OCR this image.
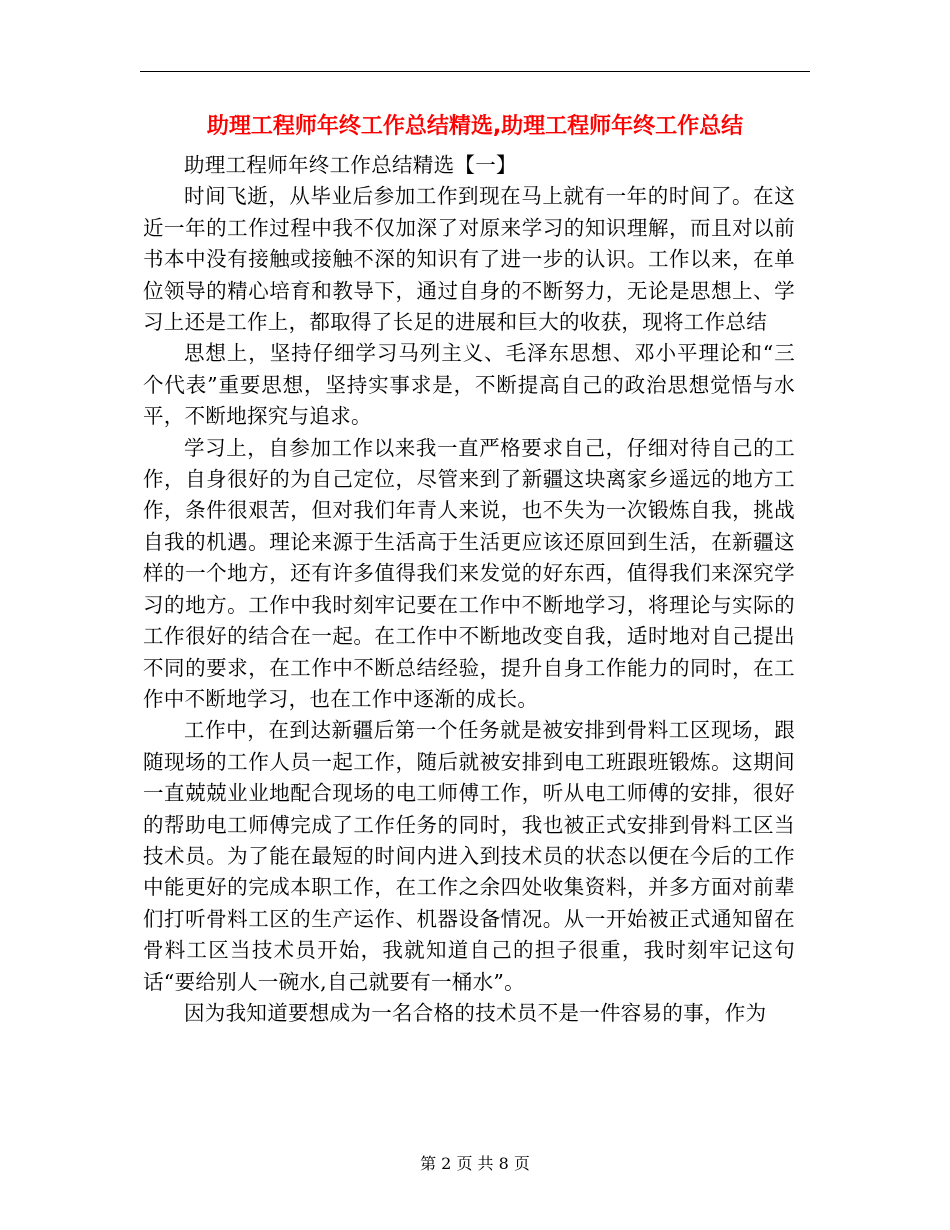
助理工程师年终工作总结精选,助理工程师年终工作总结

助理工程师年终工作总结精选【一】

时间飞逝，从毕业后参加工作到现在马上就有一年的时间了。在这近一年的工作过程中我不仅加深了对原来学习的知识理解，而且对以前书本中没有接触或接触不深的知识有了进一步的认识。工作以来，在单位领导的精心培育和教导下，通过自身的不断努力，无论是思想上、学习上还是工作上，都取得了长足的进展和巨大的收获，现将工作总结

思想上，坚持仔细学习马列主义、毛泽东思想、邓小平理论和“三个代表”重要思想，坚持实事求是，不断提高自己的政治思想觉悟与水平，不断地探究与追求。

学习上，自参加工作以来我一直严格要求自己，仔细对待自己的工作，自身很好的为自己定位，尽管来到了新疆这块离家乡遥远的地方工作，条件很艰苦，但对我们年青人来说，也不失为一次锻炼自我，挑战自我的机遇。理论来源于生活高于生活更应该还原回到生活，在新疆这样的一个地方，还有许多值得我们来发觉的好东西，值得我们来深究学习的地方。工作中我时刻牢记要在工作中不断地学习，将理论与实际的工作很好的结合在一起。在工作中不断地改变自我，适时地对自己提出不同的要求，在工作中不断总结经验，提升自身工作能力的同时，在工作中不断地学习，也在工作中逐渐的成长。

工作中，在到达新疆后第一个任务就是被安排到骨料工区现场，跟随现场的工作人员一起工作，随后就被安排到电工班跟班锻炼。这期间一直兢兢业业地配合现场的电工师傅工作，听从电工师傅的安排，很好的帮助电工师傅完成了工作任务的同时，我也被正式安排到骨料工区当技术员。为了能在最短的时间内进入到技术员的状态以便在今后的工作中能更好的完成本职工作，在工作之余四处收集资料，并多方面对前辈们打听骨料工区的生产运作、机器设备情况。从一开始被正式通知留在骨料工区当技术员开始，我就知道自己的担子很重，我时刻牢记这句话“要给别人一碗水,自己就要有一桶水”。

因为我知道要想成为一名合格的技术员不是一件容易的事，作为

第 2 页 共 8 页
